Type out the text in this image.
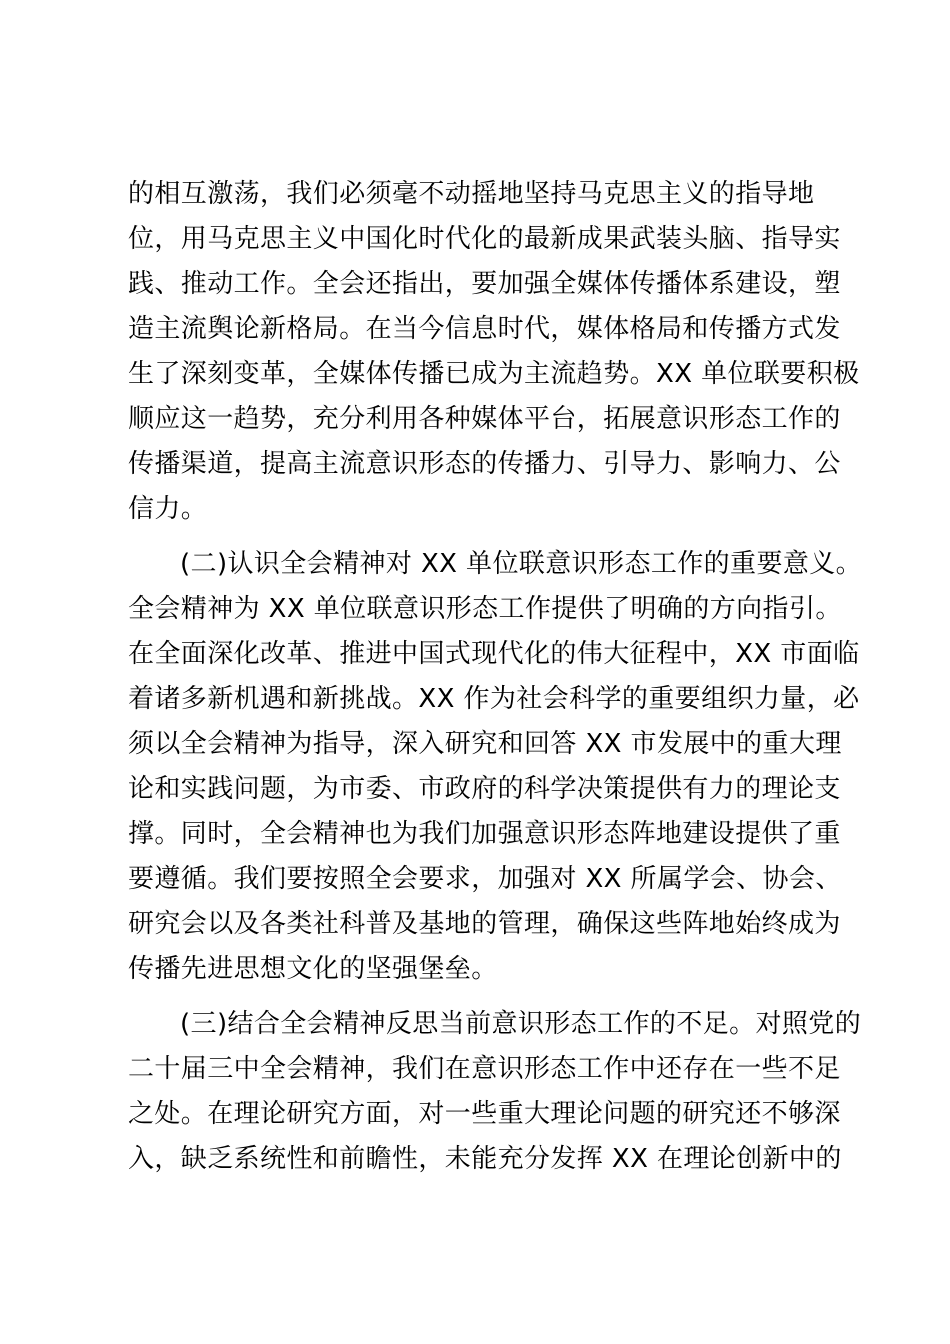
的相互激荡，我们必须毫不动摇地坚持马克思主义的指导地
位，用马克思主义中国化时代化的最新成果武装头脑、指导实
践、推动工作。全会还指出，要加强全媒体传播体系建设，塑
造主流舆论新格局。在当今信息时代，媒体格局和传播方式发
生了深刻变革，全媒体传播已成为主流趋势。XX 单位联要积极
顺应这一趋势，充分利用各种媒体平台，拓展意识形态工作的
传播渠道，提高主流意识形态的传播力、引导力、影响力、公
信力。
(二)认识全会精神对 XX 单位联意识形态工作的重要意义。
全会精神为 XX 单位联意识形态工作提供了明确的方向指引。
在全面深化改革、推进中国式现代化的伟大征程中，XX 市面临
着诸多新机遇和新挑战。XX 作为社会科学的重要组织力量，必
须以全会精神为指导，深入研究和回答 XX 市发展中的重大理
论和实践问题，为市委、市政府的科学决策提供有力的理论支
撑。同时，全会精神也为我们加强意识形态阵地建设提供了重
要遵循。我们要按照全会要求，加强对 XX 所属学会、协会、
研究会以及各类社科普及基地的管理，确保这些阵地始终成为
传播先进思想文化的坚强堡垒。
(三)结合全会精神反思当前意识形态工作的不足。对照党的
二十届三中全会精神，我们在意识形态工作中还存在一些不足
之处。在理论研究方面，对一些重大理论问题的研究还不够深
入，缺乏系统性和前瞻性，未能充分发挥 XX 在理论创新中的
